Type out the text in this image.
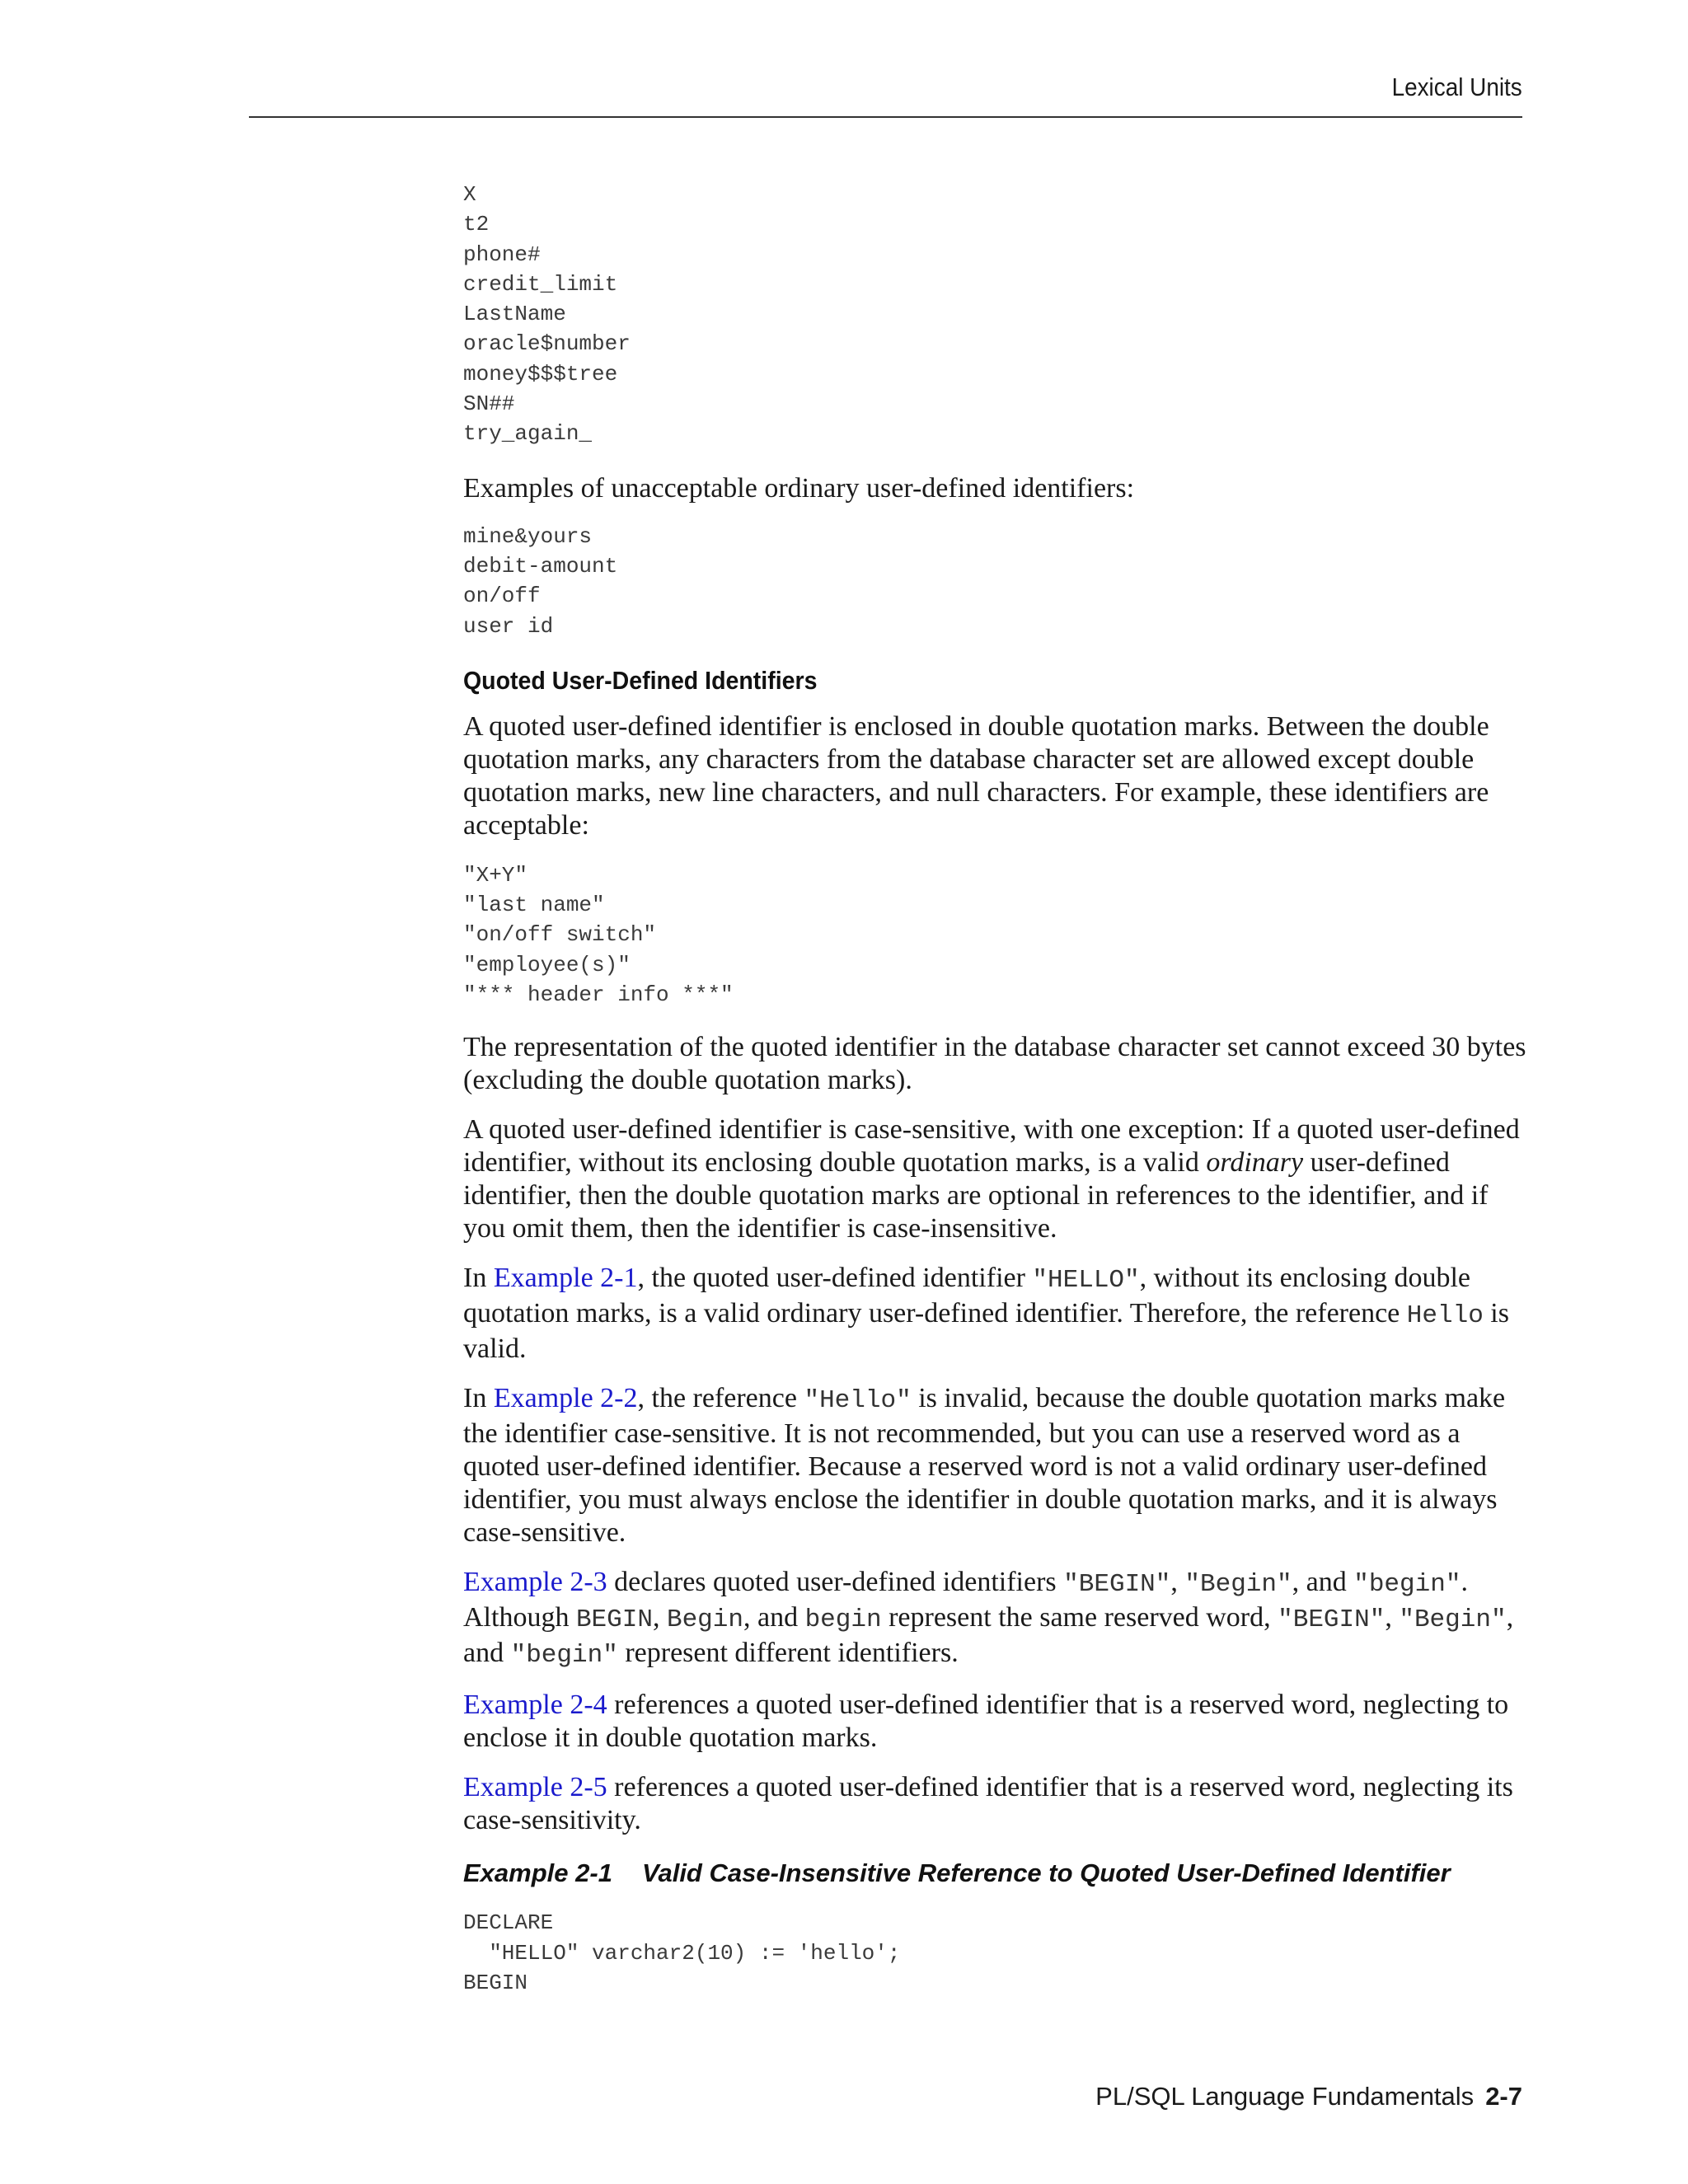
Lexical Units
X
t2
phone#
credit_limit
LastName
oracle$number
money$$$tree
SN##
try_again_

Examples of unacceptable ordinary user-defined identifiers:

mine&yours
debit-amount
on/off
user id
Quoted User-Defined Identifiers

A quoted user-defined identifier is enclosed in double quotation marks. Between the double quotation marks, any characters from the database character set are allowed except double quotation marks, new line characters, and null characters. For example, these identifiers are acceptable:

"X+Y"
"last name"
"on/off switch"
"employee(s)"
"*** header info ***"

The representation of the quoted identifier in the database character set cannot exceed 30 bytes (excluding the double quotation marks).

A quoted user-defined identifier is case-sensitive, with one exception: If a quoted user-defined identifier, without its enclosing double quotation marks, is a valid ordinary user-defined identifier, then the double quotation marks are optional in references to the identifier, and if you omit them, then the identifier is case-insensitive.

In Example 2-1, the quoted user-defined identifier "HELLO", without its enclosing double quotation marks, is a valid ordinary user-defined identifier. Therefore, the reference Hello is valid.

In Example 2-2, the reference "Hello" is invalid, because the double quotation marks make the identifier case-sensitive. It is not recommended, but you can use a reserved word as a quoted user-defined identifier. Because a reserved word is not a valid ordinary user-defined identifier, you must always enclose the identifier in double quotation marks, and it is always case-sensitive.

Example 2-3 declares quoted user-defined identifiers "BEGIN", "Begin", and "begin". Although BEGIN, Begin, and begin represent the same reserved word, "BEGIN", "Begin", and "begin" represent different identifiers.

Example 2-4 references a quoted user-defined identifier that is a reserved word, neglecting to enclose it in double quotation marks.

Example 2-5 references a quoted user-defined identifier that is a reserved word, neglecting its case-sensitivity.

Example 2-1 Valid Case-Insensitive Reference to Quoted User-Defined Identifier
DECLARE
"HELLO" varchar2(10) := 'hello';
BEGIN
PL/SQL Language Fundamentals 2-7
